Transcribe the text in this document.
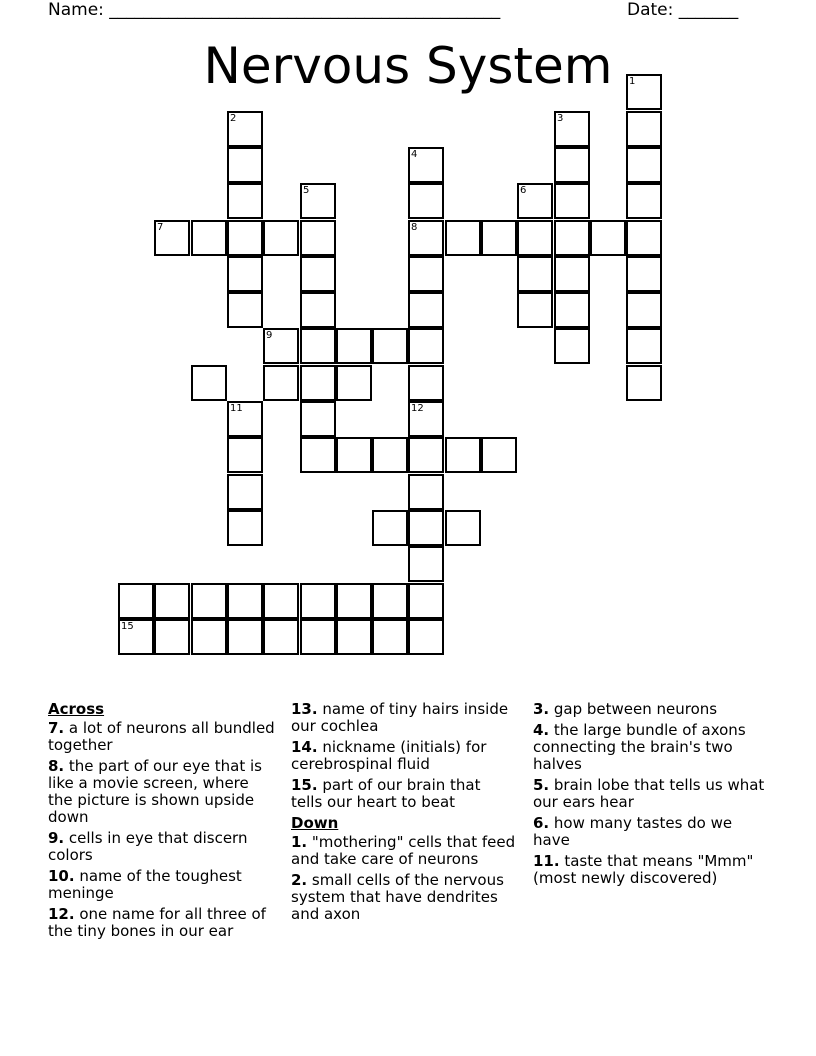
Name: ______________________________________________	Date: _______
Nervous System	1
2	3
4
8
12
5	6
7
9
11
15
Across
7. a lot of neurons all bundled together
8. the part of our eye that is like a movie screen, where the picture is shown upside down
9. cells in eye that discern colors
10. name of the toughest meninge
12. one name for all three of the tiny bones in our ear
13. name of tiny hairs inside our cochlea
14. nickname (initials) for cerebrospinal fluid
15. part of our brain that tells our heart to beat
Down
1. "mothering" cells that feed and take care of neurons
2. small cells of the nervous system that have dendrites and axon
3. gap between neurons
4. the large bundle of axons connecting the brain's two halves
5. brain lobe that tells us what our ears hear
6. how many tastes do we have
11. taste that means "Mmm" (most newly discovered)
